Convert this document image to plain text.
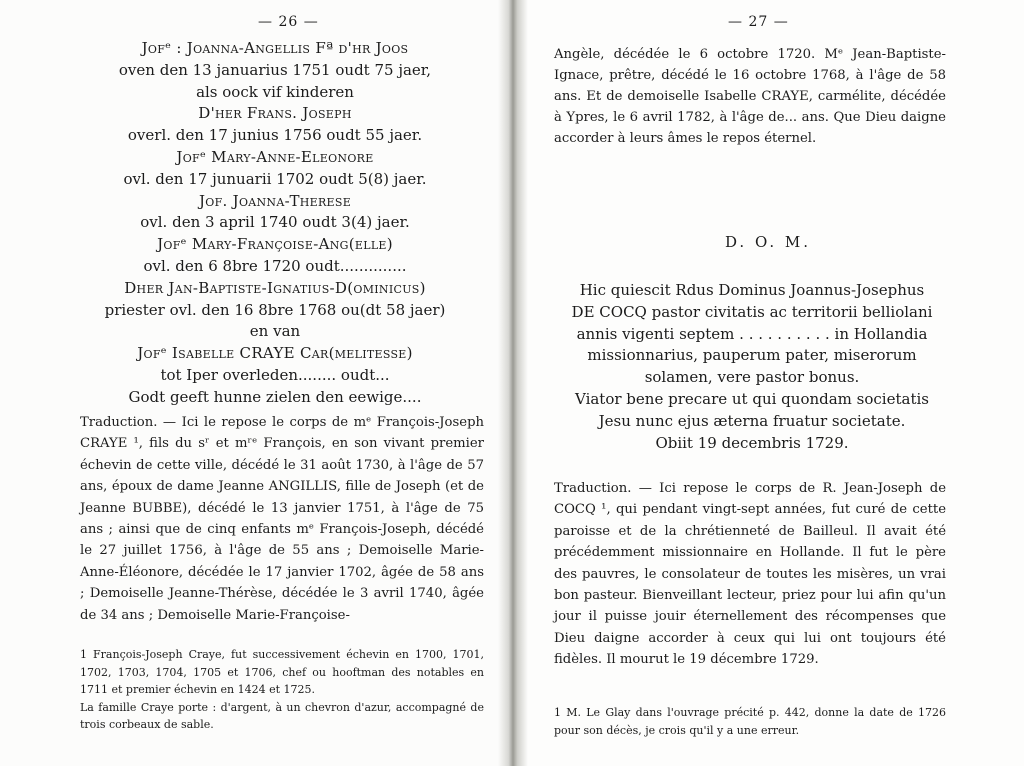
— 26 —
Jofᵉ : Joanna-Angellis Fª d'hr Joos
oven den 13 januarius 1751 oudt 75 jaer,
als oock vif kinderen
D'her Frans. Joseph
overl. den 17 junius 1756 oudt 55 jaer.
Jofᵉ Mary-Anne-Eleonore
ovl. den 17 junuarii 1702 oudt 5(8) jaer.
Jof. Joanna-Therese
ovl. den 3 april 1740 oudt 3(4) jaer.
Jofᵉ Mary-Françoise-Ang(elle)
ovl. den 6 8bre 1720 oudt..............
Dher Jan-Baptiste-Ignatius-D(ominicus)
priester ovl. den 16 8bre 1768 ou(dt 58 jaer)
en van
Jofᵉ Isabelle CRAYE Car(melitesse)
tot Iper overleden........ oudt...
Godt geeft hunne zielen den eewige....

Traduction. — Ici le repose le corps de mᵉ François-Joseph CRAYE ¹, fils du sʳ et mʳᵉ François, en son vivant premier échevin de cette ville, décédé le 31 août 1730, à l'âge de 57 ans, époux de dame Jeanne ANGILLIS, fille de Joseph (et de Jeanne BUBBE), décédé le 13 janvier 1751, à l'âge de 75 ans ; ainsi que de cinq enfants mᵉ François-Joseph, décédé le 27 juillet 1756, à l'âge de 55 ans ; Demoiselle Marie-Anne-Éléonore, décédée le 17 janvier 1702, âgée de 58 ans ; Demoiselle Jeanne-Thérèse, décédée le 3 avril 1740, âgée de 34 ans ; Demoiselle Marie-Françoise-

1 François-Joseph Craye, fut successivement échevin en 1700, 1701, 1702, 1703, 1704, 1705 et 1706, chef ou hooftman des notables en 1711 et premier échevin en 1424 et 1725.

La famille Craye porte : d'argent, à un chevron d'azur, accompagné de trois corbeaux de sable.

— 27 —

Angèle, décédée le 6 octobre 1720. Mᵉ Jean-Baptiste-Ignace, prêtre, décédé le 16 octobre 1768, à l'âge de 58 ans. Et de demoiselle Isabelle CRAYE, carmélite, décédée à Ypres, le 6 avril 1782, à l'âge de... ans. Que Dieu daigne accorder à leurs âmes le repos éternel.

D. O. M.
Hic quiescit Rdus Dominus Joannus-Josephus
DE COCQ pastor civitatis ac territorii belliolani
annis vigenti septem . . . . . . . . . . in Hollandia
missionnarius, pauperum pater, miserorum
solamen, vere pastor bonus.
Viator bene precare ut qui quondam societatis
Jesu nunc ejus æterna fruatur societate.
Obiit 19 decembris 1729.

Traduction. — Ici repose le corps de R. Jean-Joseph de COCQ ¹, qui pendant vingt-sept années, fut curé de cette paroisse et de la chrétienneté de Bailleul. Il avait été précédemment missionnaire en Hollande. Il fut le père des pauvres, le consolateur de toutes les misères, un vrai bon pasteur. Bienveillant lecteur, priez pour lui afin qu'un jour il puisse jouir éternellement des récompenses que Dieu daigne accorder à ceux qui lui ont toujours été fidèles. Il mourut le 19 décembre 1729.

1 M. Le Glay dans l'ouvrage précité p. 442, donne la date de 1726 pour son décès, je crois qu'il y a une erreur.
